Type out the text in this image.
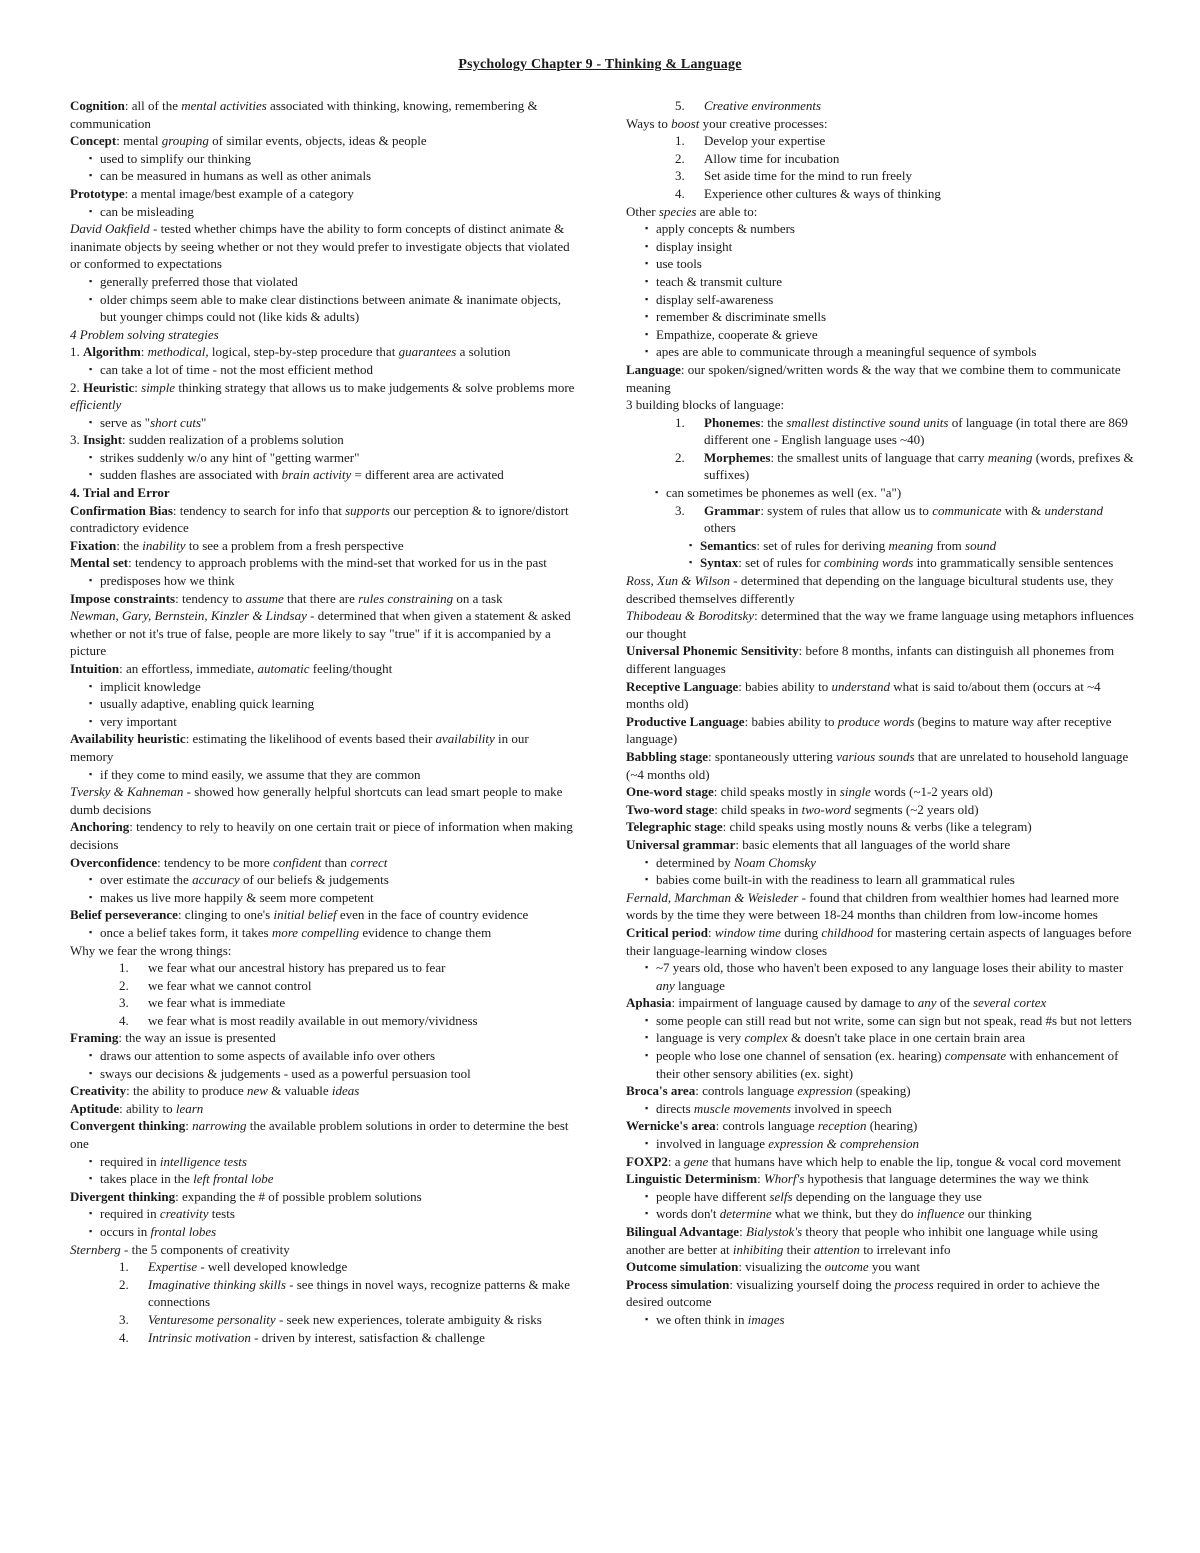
Psychology Chapter 9 - Thinking & Language
Cognition: all of the mental activities associated with thinking, knowing, remembering & communication
Concept: mental grouping of similar events, objects, ideas & people
▪ used to simplify our thinking
▪ can be measured in humans as well as other animals
Prototype: a mental image/best example of a category
▪ can be misleading
David Oakfield - tested whether chimps have the ability to form concepts of distinct animate & inanimate objects by seeing whether or not they would prefer to investigate objects that violated or conformed to expectations
▪ generally preferred those that violated
▪ older chimps seem able to make clear distinctions between animate & inanimate objects, but younger chimps could not (like kids & adults)
4 Problem solving strategies
1. Algorithm: methodical, logical, step-by-step procedure that guarantees a solution
▪ can take a lot of time - not the most efficient method
2. Heuristic: simple thinking strategy that allows us to make judgements & solve problems more efficiently
▪ serve as "short cuts"
3. Insight: sudden realization of a problems solution
▪ strikes suddenly w/o any hint of "getting warmer"
▪ sudden flashes are associated with brain activity = different area are activated
4. Trial and Error
Confirmation Bias: tendency to search for info that supports our perception & to ignore/distort contradictory evidence
Fixation: the inability to see a problem from a fresh perspective
Mental set: tendency to approach problems with the mind-set that worked for us in the past
▪ predisposes how we think
Impose constraints: tendency to assume that there are rules constraining on a task
Newman, Gary, Bernstein, Kinzler & Lindsay - determined that when given a statement & asked whether or not it's true of false, people are more likely to say "true" if it is accompanied by a picture
Intuition: an effortless, immediate, automatic feeling/thought
▪ implicit knowledge
▪ usually adaptive, enabling quick learning
▪ very important
Availability heuristic: estimating the likelihood of events based their availability in our memory
▪ if they come to mind easily, we assume that they are common
Tversky & Kahneman - showed how generally helpful shortcuts can lead smart people to make dumb decisions
Anchoring: tendency to rely to heavily on one certain trait or piece of information when making decisions
Overconfidence: tendency to be more confident than correct
▪ over estimate the accuracy of our beliefs & judgements
▪ makes us live more happily & seem more competent
Belief perseverance: clinging to one's initial belief even in the face of country evidence
▪ once a belief takes form, it takes more compelling evidence to change them
Why we fear the wrong things:
1. we fear what our ancestral history has prepared us to fear
2. we fear what we cannot control
3. we fear what is immediate
4. we fear what is most readily available in out memory/vividness
Framing: the way an issue is presented
▪ draws our attention to some aspects of available info over others
▪ sways our decisions & judgements - used as a powerful persuasion tool
Creativity: the ability to produce new & valuable ideas
Aptitude: ability to learn
Convergent thinking: narrowing the available problem solutions in order to determine the best one
▪ required in intelligence tests
▪ takes place in the left frontal lobe
Divergent thinking: expanding the # of possible problem solutions
▪ required in creativity tests
▪ occurs in frontal lobes
Sternberg - the 5 components of creativity
1. Expertise - well developed knowledge
2. Imaginative thinking skills - see things in novel ways, recognize patterns & make connections
3. Venturesome personality - seek new experiences, tolerate ambiguity & risks
4. Intrinsic motivation - driven by interest, satisfaction & challenge
5. Creative environments
Ways to boost your creative processes:
1. Develop your expertise
2. Allow time for incubation
3. Set aside time for the mind to run freely
4. Experience other cultures & ways of thinking
Other species are able to:
▪ apply concepts & numbers
▪ display insight
▪ use tools
▪ teach & transmit culture
▪ display self-awareness
▪ remember & discriminate smells
▪ Empathize, cooperate & grieve
▪ apes are able to communicate through a meaningful sequence of symbols
Language: our spoken/signed/written words & the way that we combine them to communicate meaning
3 building blocks of language:
1. Phonemes: the smallest distinctive sound units of language (in total there are 869 different one - English language uses ~40)
2. Morphemes: the smallest units of language that carry meaning (words, prefixes & suffixes)
▪ can sometimes be phonemes as well (ex. "a")
3. Grammar: system of rules that allow us to communicate with & understand others
▪ Semantics: set of rules for deriving meaning from sound
▪ Syntax: set of rules for combining words into grammatically sensible sentences
Ross, Xun & Wilson - determined that depending on the language bicultural students use, they described themselves differently
Thibodeau & Boroditsky: determined that the way we frame language using metaphors influences our thought
Universal Phonemic Sensitivity: before 8 months, infants can distinguish all phonemes from different languages
Receptive Language: babies ability to understand what is said to/about them (occurs at ~4 months old)
Productive Language: babies ability to produce words (begins to mature way after receptive language)
Babbling stage: spontaneously uttering various sounds that are unrelated to household language (~4 months old)
One-word stage: child speaks mostly in single words (~1-2 years old)
Two-word stage: child speaks in two-word segments (~2 years old)
Telegraphic stage: child speaks using mostly nouns & verbs (like a telegram)
Universal grammar: basic elements that all languages of the world share
▪ determined by Noam Chomsky
▪ babies come built-in with the readiness to learn all grammatical rules
Fernald, Marchman & Weisleder - found that children from wealthier homes had learned more words by the time they were between 18-24 months than children from low-income homes
Critical period: window time during childhood for mastering certain aspects of languages before their language-learning window closes
▪ ~7 years old, those who haven't been exposed to any language loses their ability to master any language
Aphasia: impairment of language caused by damage to any of the several cortex
▪ some people can still read but not write, some can sign but not speak, read #s but not letters
▪ language is very complex & doesn't take place in one certain brain area
▪ people who lose one channel of sensation (ex. hearing) compensate with enhancement of their other sensory abilities (ex. sight)
Broca's area: controls language expression (speaking)
▪ directs muscle movements involved in speech
Wernicke's area: controls language reception (hearing)
▪ involved in language expression & comprehension
FOXP2: a gene that humans have which help to enable the lip, tongue & vocal cord movement
Linguistic Determinism: Whorf's hypothesis that language determines the way we think
▪ people have different selfs depending on the language they use
▪ words don't determine what we think, but they do influence our thinking
Bilingual Advantage: Bialystok's theory that people who inhibit one language while using another are better at inhibiting their attention to irrelevant info
Outcome simulation: visualizing the outcome you want
Process simulation: visualizing yourself doing the process required in order to achieve the desired outcome
▪ we often think in images
